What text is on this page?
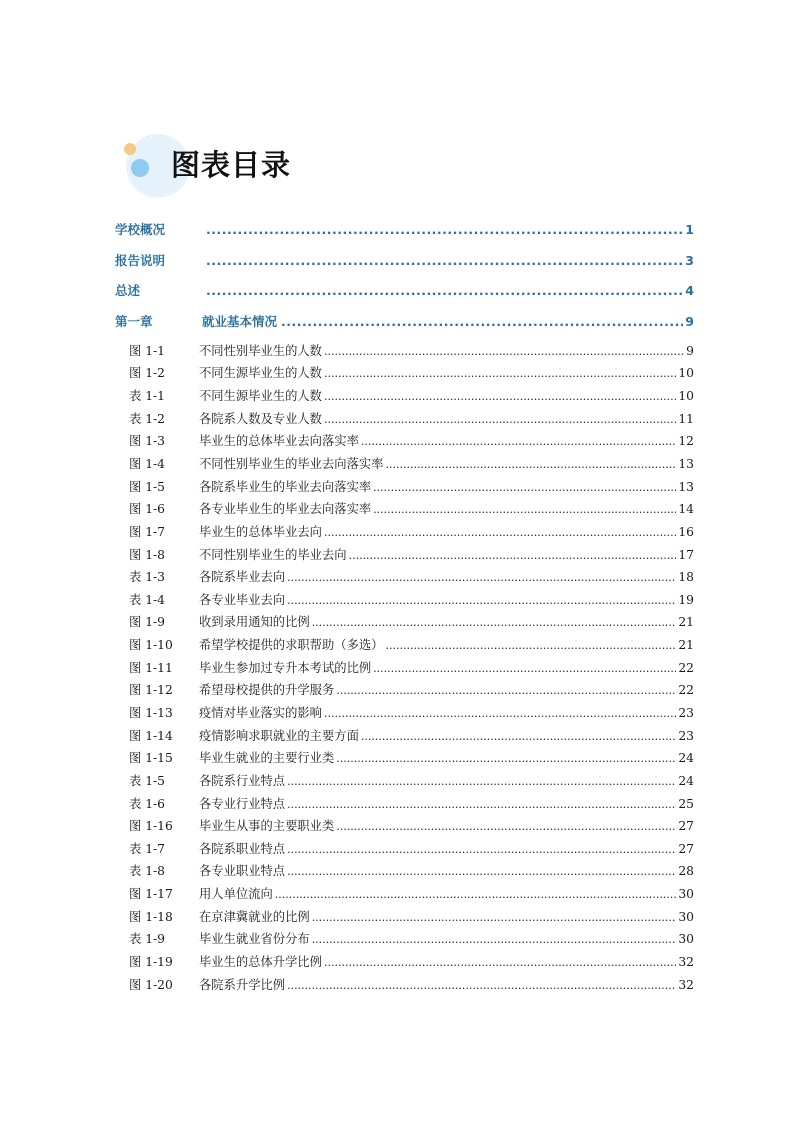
图表目录
学校概况 .....	1
报告说明 .....	3
总述 .....	4
第一章	就业基本情况 .....	9
图 1-1	不同性别毕业生的人数 .....	9
图 1-2	不同生源毕业生的人数 .....	10
表 1-1	不同生源毕业生的人数 .....	10
表 1-2	各院系人数及专业人数 .....	11
图 1-3	毕业生的总体毕业去向落实率 .....	12
图 1-4	不同性别毕业生的毕业去向落实率 .....	13
图 1-5	各院系毕业生的毕业去向落实率 .....	13
图 1-6	各专业毕业生的毕业去向落实率 .....	14
图 1-7	毕业生的总体毕业去向 .....	16
图 1-8	不同性别毕业生的毕业去向 .....	17
表 1-3	各院系毕业去向 .....	18
表 1-4	各专业毕业去向 .....	19
图 1-9	收到录用通知的比例 .....	21
图 1-10	希望学校提供的求职帮助（多选） .....	21
图 1-11	毕业生参加过专升本考试的比例 .....	22
图 1-12	希望母校提供的升学服务 .....	22
图 1-13	疫情对毕业落实的影响 .....	23
图 1-14	疫情影响求职就业的主要方面 .....	23
图 1-15	毕业生就业的主要行业类 .....	24
表 1-5	各院系行业特点 .....	24
表 1-6	各专业行业特点 .....	25
图 1-16	毕业生从事的主要职业类 .....	27
表 1-7	各院系职业特点 .....	27
表 1-8	各专业职业特点 .....	28
图 1-17	用人单位流向 .....	30
图 1-18	在京津冀就业的比例 .....	30
表 1-9	毕业生就业省份分布 .....	30
图 1-19	毕业生的总体升学比例 .....	32
图 1-20	各院系升学比例 .....	32
